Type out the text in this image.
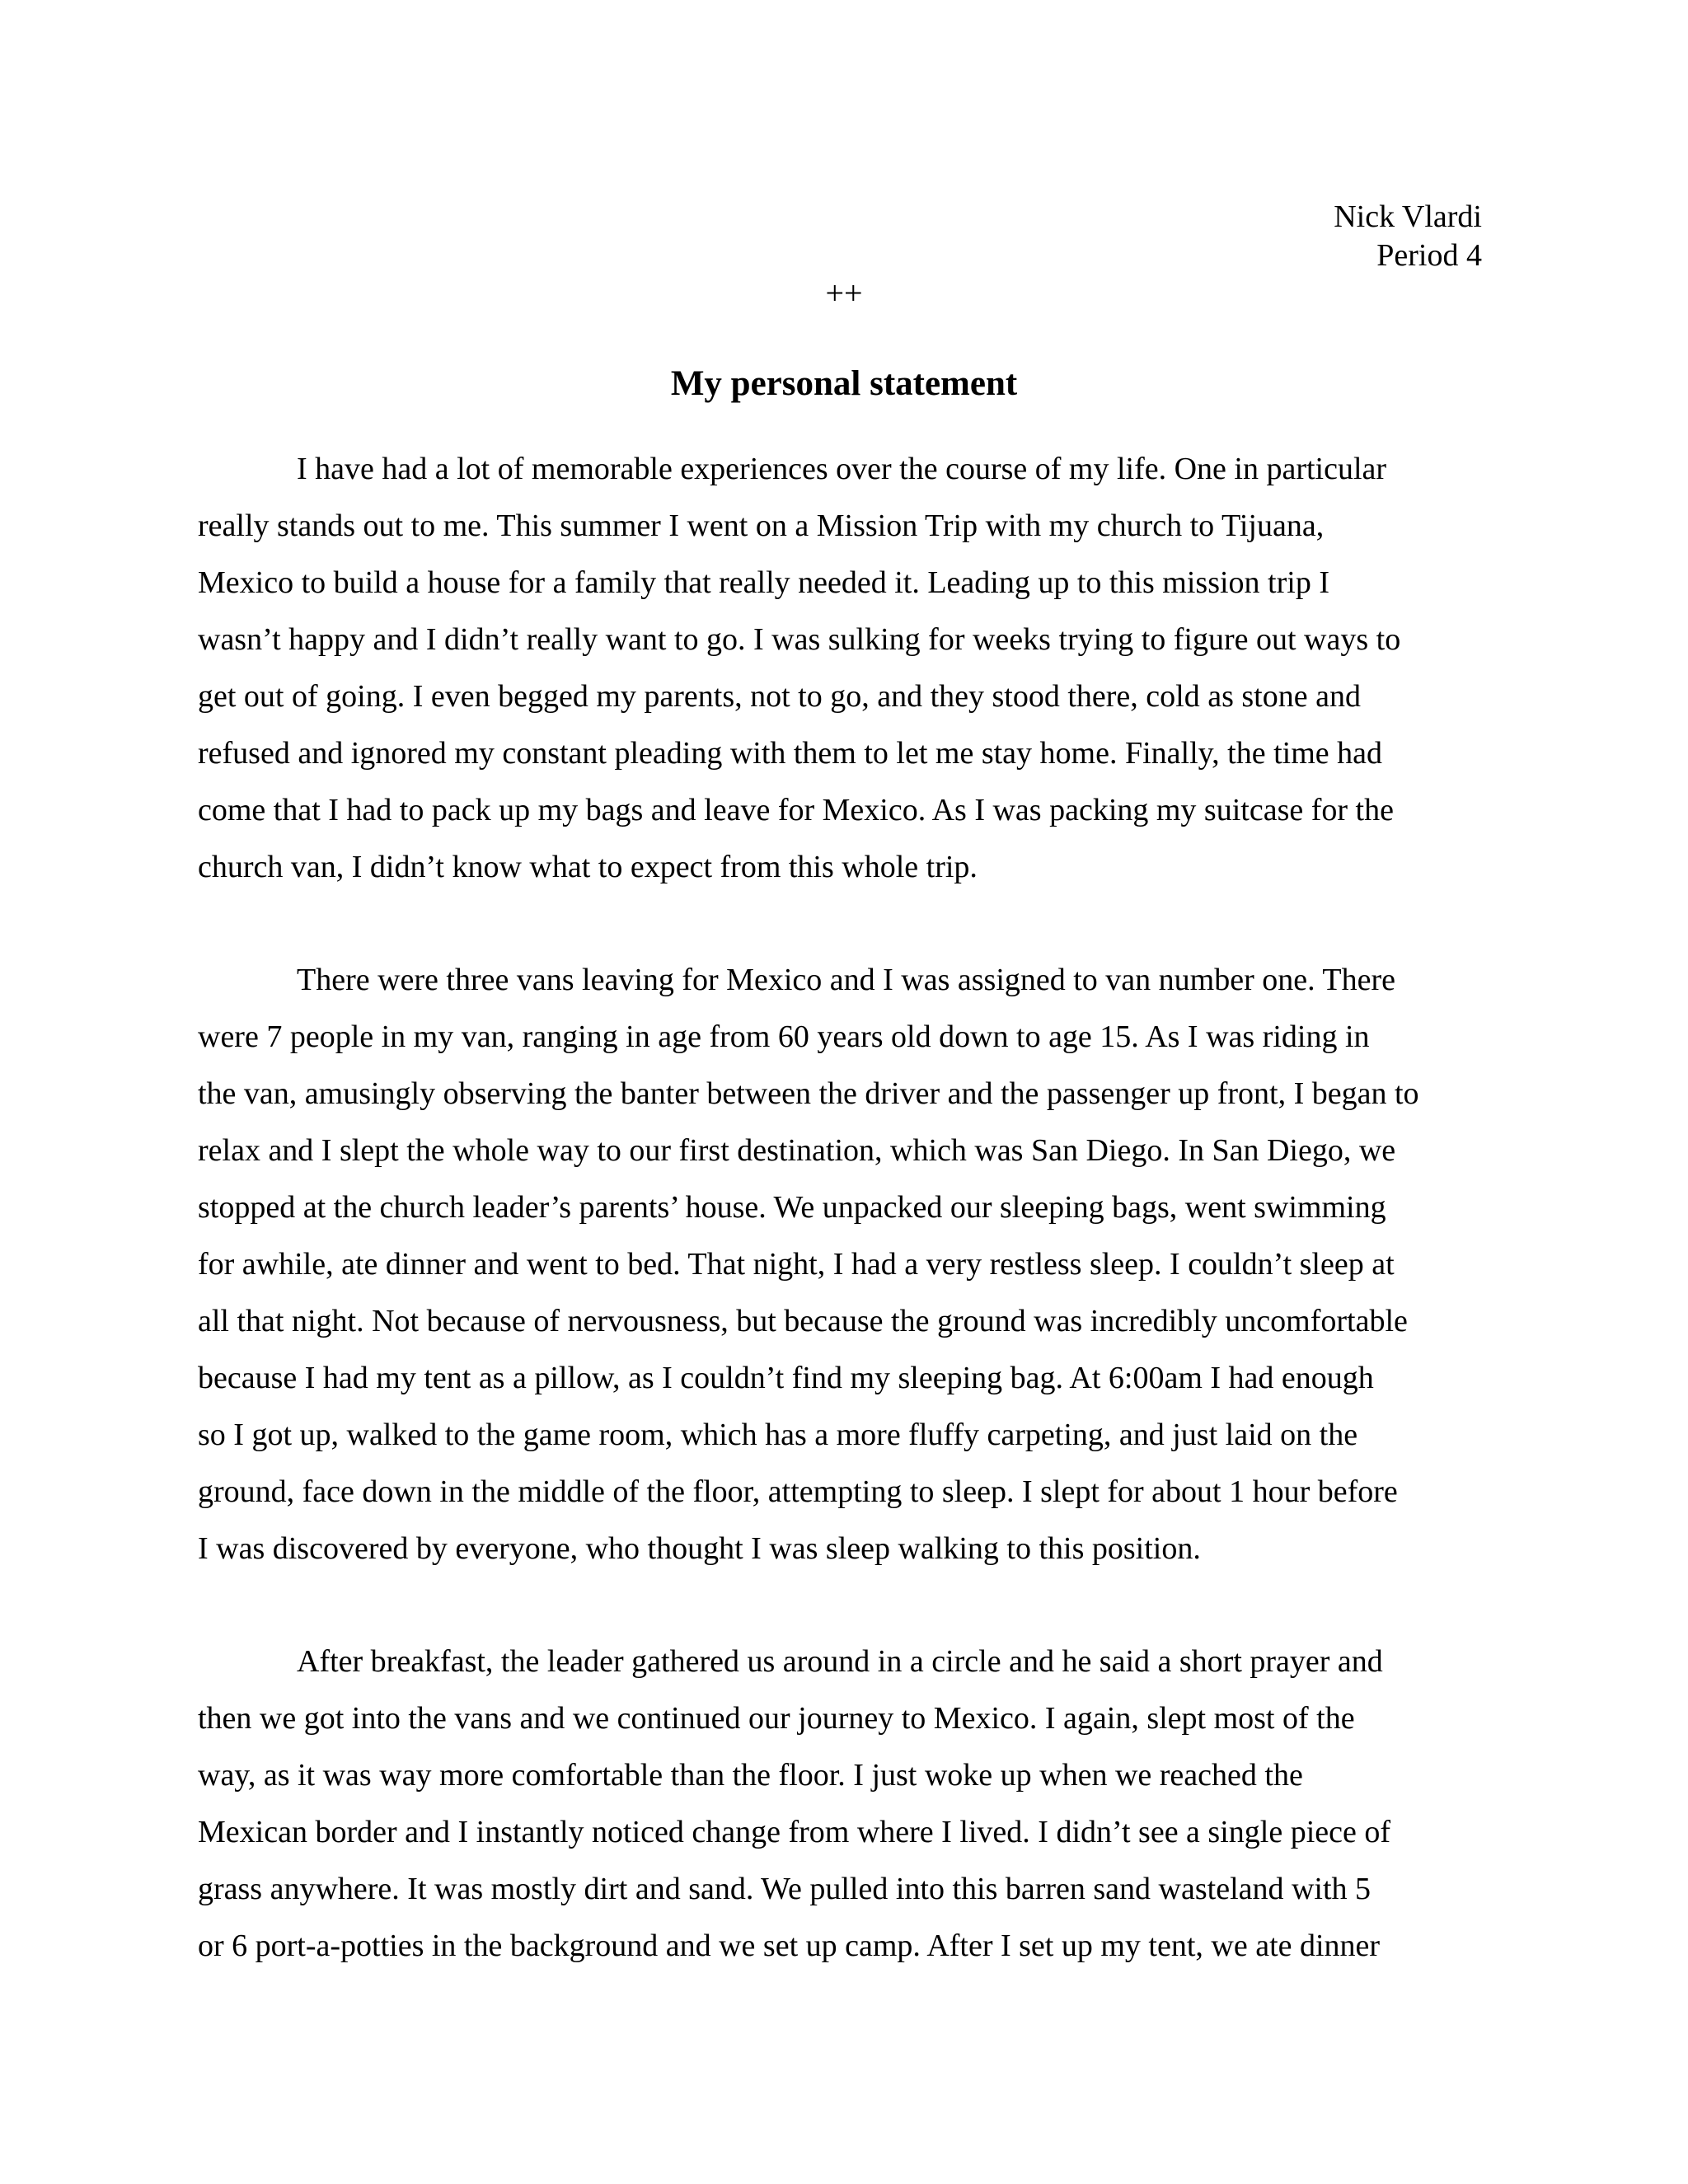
Nick Vlardi
Period 4
++
My personal statement
I have had a lot of memorable experiences over the course of my life. One in particular
really stands out to me. This summer I went on a Mission Trip with my church to Tijuana,
Mexico to build a house for a family that really needed it. Leading up to this mission trip I
wasn’t happy and I didn’t really want to go. I was sulking for weeks trying to figure out ways to
get out of going. I even begged my parents, not to go, and they stood there, cold as stone and
refused and ignored my constant pleading with them to let me stay home. Finally, the time had
come that I had to pack up my bags and leave for Mexico. As I was packing my suitcase for the
church van, I didn’t know what to expect from this whole trip.
There were three vans leaving for Mexico and I was assigned to van number one. There
were 7 people in my van, ranging in age from 60 years old down to age 15. As I was riding in
the van, amusingly observing the banter between the driver and the passenger up front, I began to
relax and I slept the whole way to our first destination, which was San Diego. In San Diego, we
stopped at the church leader’s parents’ house. We unpacked our sleeping bags, went swimming
for awhile, ate dinner and went to bed. That night, I had a very restless sleep. I couldn’t sleep at
all that night. Not because of nervousness, but because the ground was incredibly uncomfortable
because I had my tent as a pillow, as I couldn’t find my sleeping bag. At 6:00am I had enough
so I got up, walked to the game room, which has a more fluffy carpeting, and just laid on the
ground, face down in the middle of the floor, attempting to sleep. I slept for about 1 hour before
I was discovered by everyone, who thought I was sleep walking to this position.
After breakfast, the leader gathered us around in a circle and he said a short prayer and
then we got into the vans and we continued our journey to Mexico. I again, slept most of the
way, as it was way more comfortable than the floor. I just woke up when we reached the
Mexican border and I instantly noticed change from where I lived. I didn’t see a single piece of
grass anywhere. It was mostly dirt and sand. We pulled into this barren sand wasteland with 5
or 6 port-a-potties in the background and we set up camp. After I set up my tent, we ate dinner
